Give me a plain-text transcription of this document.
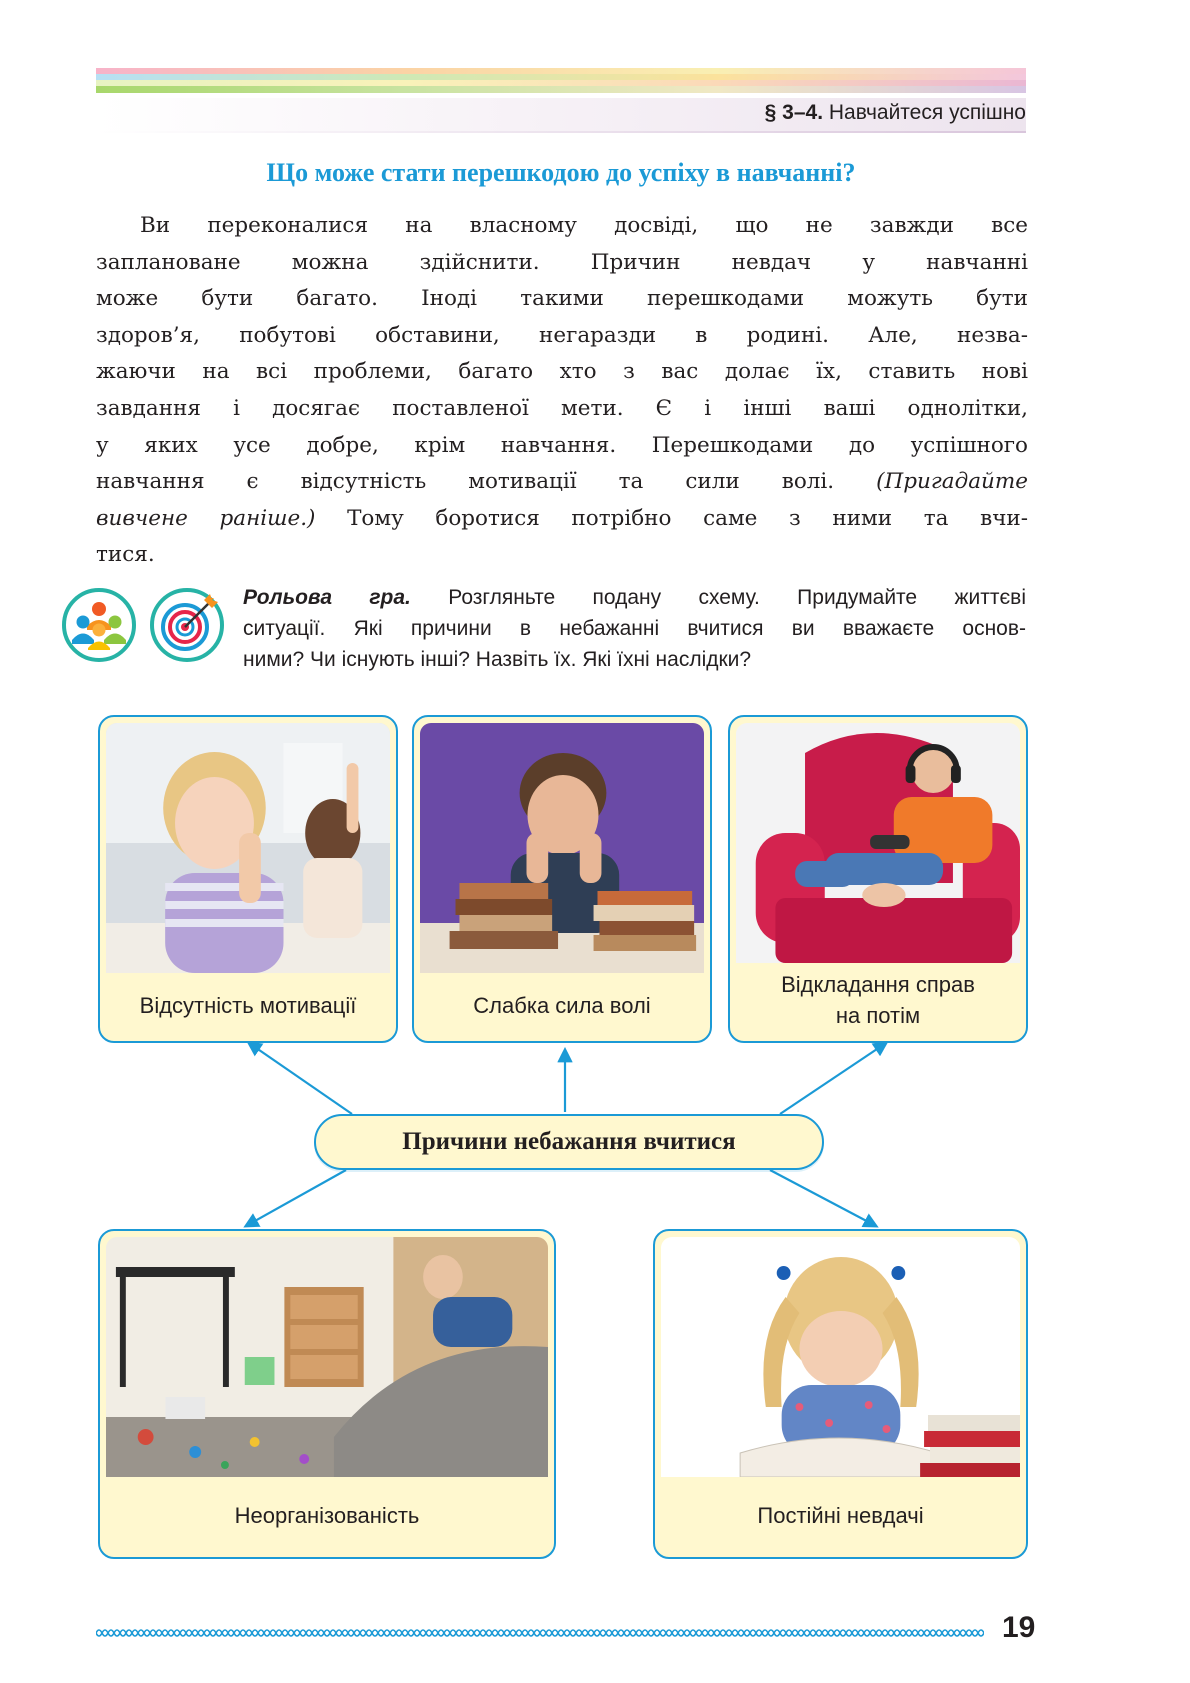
§ 3–4. Навчайтеся успішно
Що може стати перешкодою до успіху в навчанні?
Ви переконалися на власному досвіді, що не завжди все
заплановане можна здійснити. Причин невдач у навчанні
може бути багато. Іноді такими перешкодами можуть бути
здоров’я, побутові обставини, негаразди в родині. Але, незва-
жаючи на всі проблеми, багато хто з вас долає їх, ставить нові
завдання і досягає поставленої мети. Є і інші ваші однолітки,
у яких усе добре, крім навчання. Перешкодами до успішного
навчання є відсутність мотивації та сили волі. (Пригадайте
вивчене раніше.) Тому боротися потрібно саме з ними та вчи-
тися.
Рольова гра. Розгляньте подану схему. Придумайте життєві
ситуації. Які причини в небажанні вчитися ви вважаєте основ-
ними? Чи існують інші? Назвіть їх. Які їхні наслідки?
Відсутність мотивації	Слабка сила волі
Відкладання справ
на потім
Причини небажання вчитися
Неорганізованість	Постійні невдачі
19
